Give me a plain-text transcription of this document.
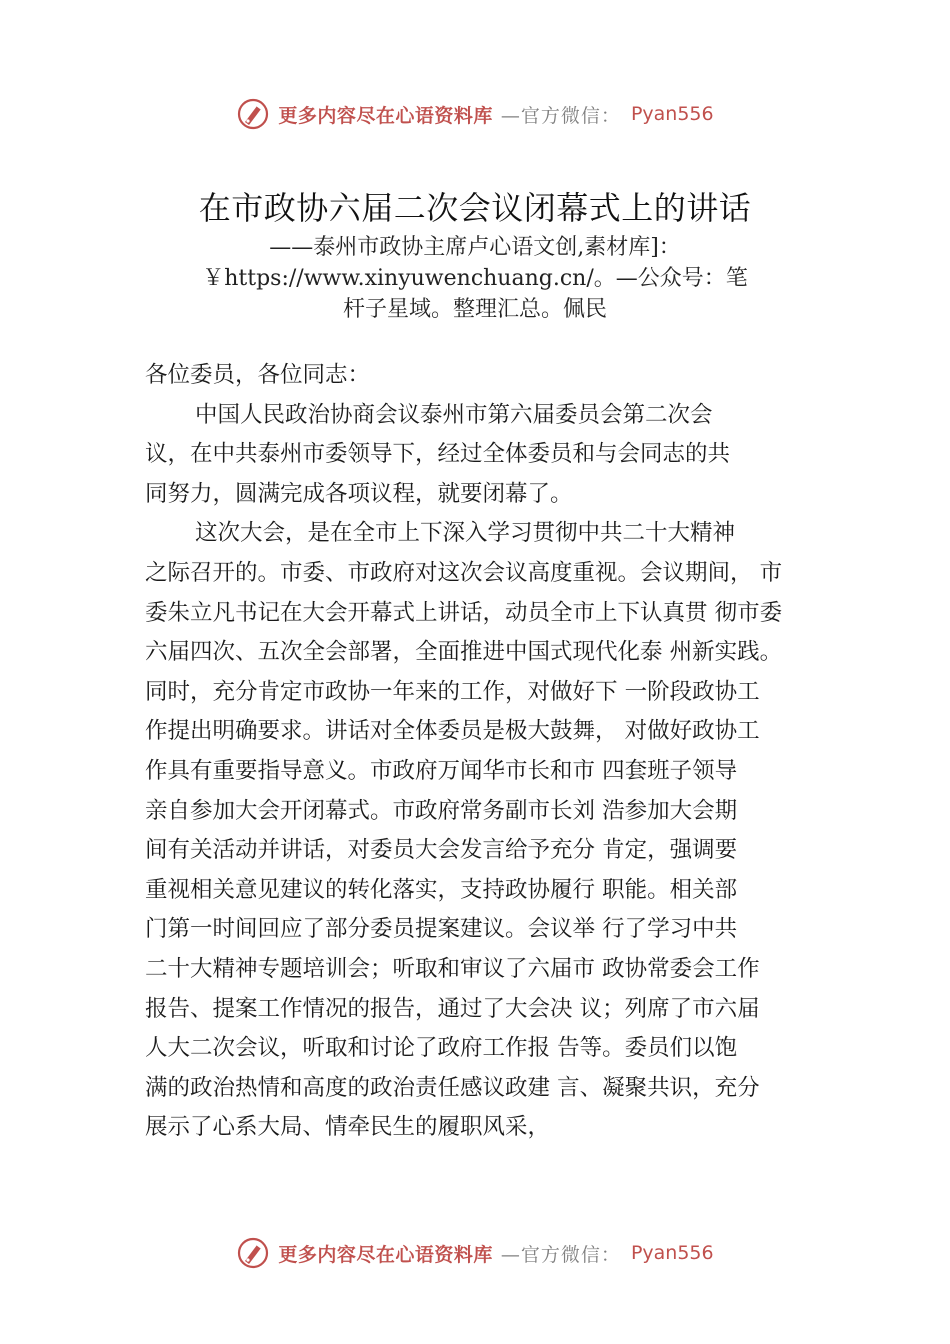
更多内容尽在心语资料库 —官方微信： Pyan556
在市政协六届二次会议闭幕式上的讲话
——泰州市政协主席卢心语文创,素材库]：
￥https://www.xinyuwenchuang.cn/。—公众号：笔
杆子星域。整理汇总。佩民
各位委员，各位同志：
中国人民政治协商会议泰州市第六届委员会第二次会
议，在中共泰州市委领导下，经过全体委员和与会同志的共
同努力，圆满完成各项议程，就要闭幕了。
这次大会，是在全市上下深入学习贯彻中共二十大精神
之际召开的。市委、市政府对这次会议高度重视。会议期间， 市
委朱立凡书记在大会开幕式上讲话，动员全市上下认真贯 彻市委
六届四次、五次全会部署，全面推进中国式现代化泰 州新实践。
同时，充分肯定市政协一年来的工作，对做好下 一阶段政协工
作提出明确要求。讲话对全体委员是极大鼓舞， 对做好政协工
作具有重要指导意义。市政府万闻华市长和市 四套班子领导
亲自参加大会开闭幕式。市政府常务副市长刘 浩参加大会期
间有关活动并讲话，对委员大会发言给予充分 肯定，强调要
重视相关意见建议的转化落实，支持政协履行 职能。相关部
门第一时间回应了部分委员提案建议。会议举 行了学习中共
二十大精神专题培训会；听取和审议了六届市 政协常委会工作
报告、提案工作情况的报告，通过了大会决 议；列席了市六届
人大二次会议，听取和讨论了政府工作报 告等。委员们以饱
满的政治热情和高度的政治责任感议政建 言、凝聚共识，充分
展示了心系大局、情牵民生的履职风采，
更多内容尽在心语资料库 —官方微信： Pyan556
